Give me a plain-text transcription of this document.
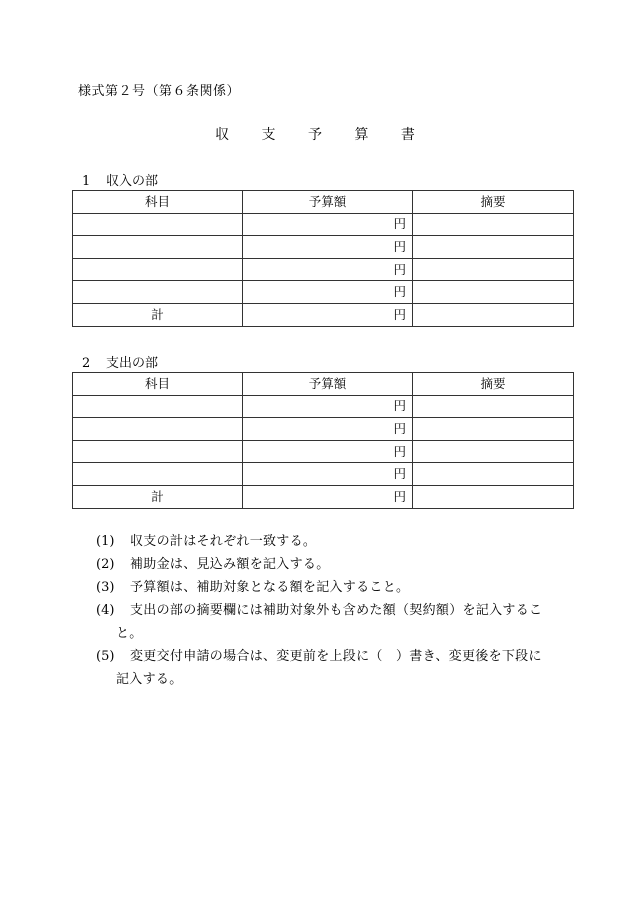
様式第２号（第６条関係）
収 支 予 算 書
1 収入の部
科目	予算額	摘要
	円	
	円	
	円	
	円	
計	円	
2 支出の部
科目	予算額	摘要
	円	
	円	
	円	
	円	
計	円	
(1)	収支の計はそれぞれ一致する。
(2)	補助金は、見込み額を記入する。
(3)	予算額は、補助対象となる額を記入すること。
(4)	支出の部の摘要欄には補助対象外も含めた額（契約額）を記入するこ
と。
(5)	変更交付申請の場合は、変更前を上段に（　）書き、変更後を下段に
記入する。
